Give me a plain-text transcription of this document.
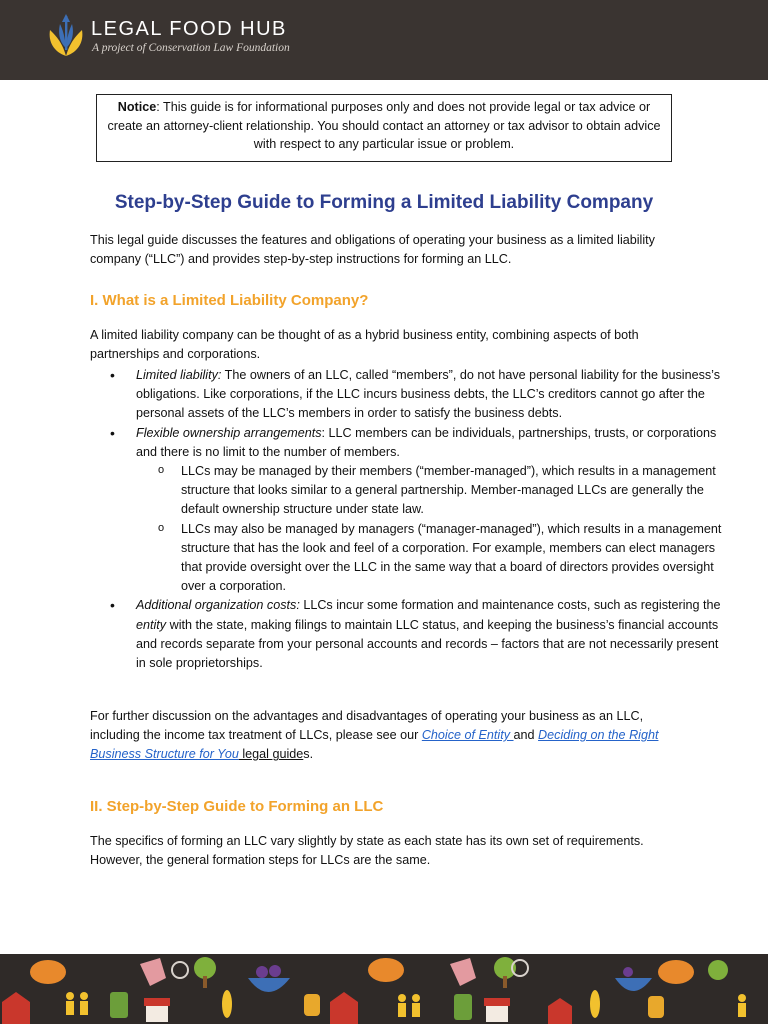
LEGAL FOOD HUB
A project of Conservation Law Foundation
Notice: This guide is for informational purposes only and does not provide legal or tax advice or create an attorney-client relationship. You should contact an attorney or tax advisor to obtain advice with respect to any particular issue or problem.
Step-by-Step Guide to Forming a Limited Liability Company
This legal guide discusses the features and obligations of operating your business as a limited liability company (“LLC”) and provides step-by-step instructions for forming an LLC.
I. What is a Limited Liability Company?
A limited liability company can be thought of as a hybrid business entity, combining aspects of both partnerships and corporations.
• Limited liability: The owners of an LLC, called “members”, do not have personal liability for the business’s obligations. Like corporations, if the LLC incurs business debts, the LLC’s creditors cannot go after the personal assets of the LLC’s members in order to satisfy the business debts.
• Flexible ownership arrangements: LLC members can be individuals, partnerships, trusts, or corporations and there is no limit to the number of members.
o LLCs may be managed by their members (“member-managed”), which results in a management structure that looks similar to a general partnership. Member-managed LLCs are generally the default ownership structure under state law.
o LLCs may also be managed by managers (“manager-managed”), which results in a management structure that has the look and feel of a corporation. For example, members can elect managers that provide oversight over the LLC in the same way that a board of directors provides oversight over a corporation.
• Additional organization costs: LLCs incur some formation and maintenance costs, such as registering the entity with the state, making filings to maintain LLC status, and keeping the business’s financial accounts and records separate from your personal accounts and records – factors that are not necessarily present in sole proprietorships.
For further discussion on the advantages and disadvantages of operating your business as an LLC, including the income tax treatment of LLCs, please see our Choice of Entity and Deciding on the Right Business Structure for You legal guides.
II. Step-by-Step Guide to Forming an LLC
The specifics of forming an LLC vary slightly by state as each state has its own set of requirements. However, the general formation steps for LLCs are the same.
